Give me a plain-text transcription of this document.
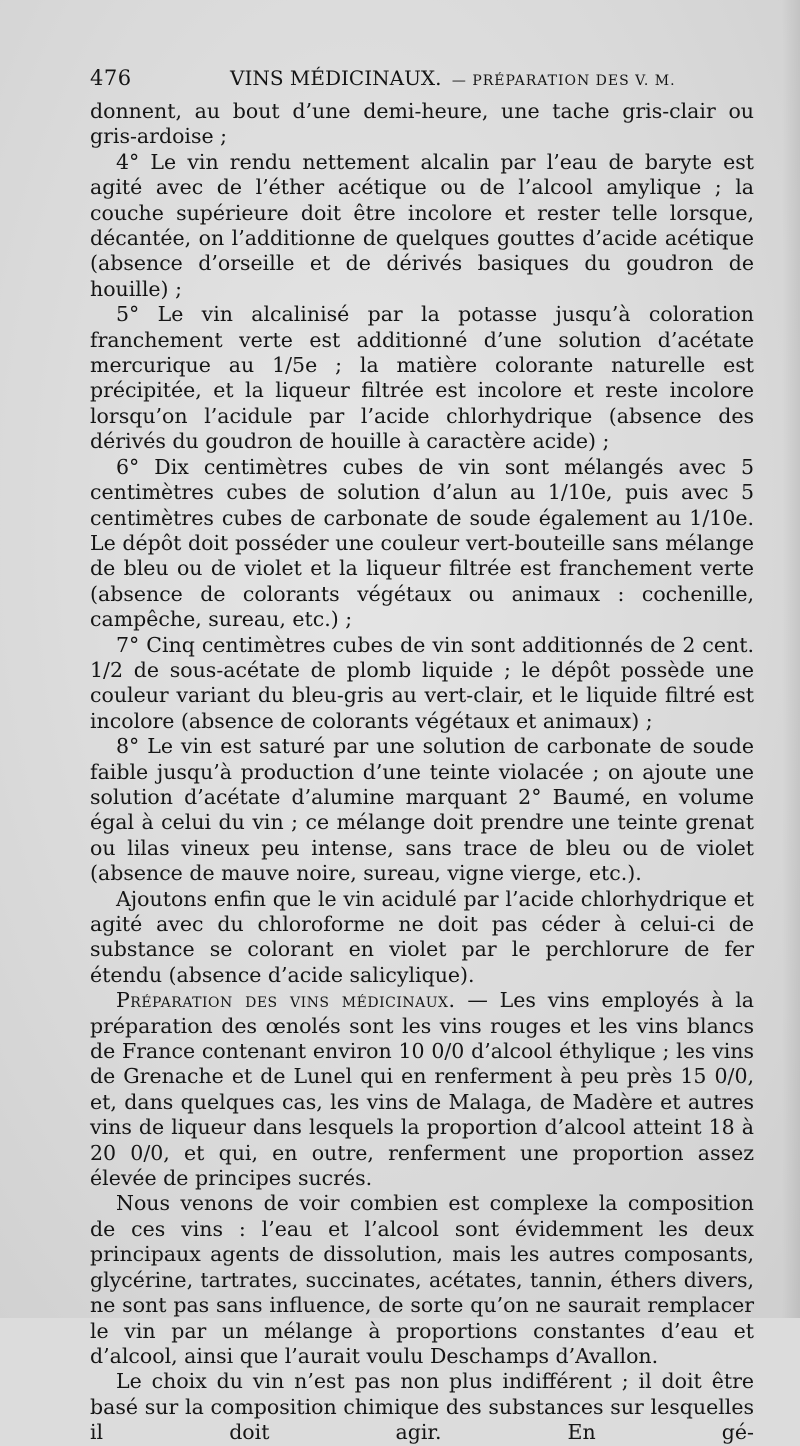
476	VINS MÉDICINAUX. — PRÉPARATION DES V. M.

donnent, au bout d’une demi-heure, une tache gris-clair ou gris-ardoise ;

4° Le vin rendu nettement alcalin par l’eau de baryte est agité avec de l’éther acétique ou de l’alcool amylique ; la couche supérieure doit être incolore et rester telle lorsque, décantée, on l’additionne de quelques gouttes d’acide acétique (absence d’orseille et de dérivés basiques du goudron de houille) ;

5° Le vin alcalinisé par la potasse jusqu’à coloration franchement verte est additionné d’une solution d’acétate mercurique au 1/5e ; la matière colorante naturelle est précipitée, et la liqueur filtrée est incolore et reste incolore lorsqu’on l’acidule par l’acide chlorhydrique (absence des dérivés du goudron de houille à caractère acide) ;

6° Dix centimètres cubes de vin sont mélangés avec 5 centimètres cubes de solution d’alun au 1/10e, puis avec 5 centimètres cubes de carbonate de soude également au 1/10e. Le dépôt doit posséder une couleur vert-bouteille sans mélange de bleu ou de violet et la liqueur filtrée est franchement verte (absence de colorants végétaux ou animaux : cochenille, campêche, sureau, etc.) ;

7° Cinq centimètres cubes de vin sont additionnés de 2 cent. 1/2 de sous-acétate de plomb liquide ; le dépôt possède une couleur variant du bleu-gris au vert-clair, et le liquide filtré est incolore (absence de colorants végétaux et animaux) ;

8° Le vin est saturé par une solution de carbonate de soude faible jusqu’à production d’une teinte violacée ; on ajoute une solution d’acétate d’alumine marquant 2° Baumé, en volume égal à celui du vin ; ce mélange doit prendre une teinte grenat ou lilas vineux peu intense, sans trace de bleu ou de violet (absence de mauve noire, sureau, vigne vierge, etc.).

Ajoutons enfin que le vin acidulé par l’acide chlorhydrique et agité avec du chloroforme ne doit pas céder à celui-ci de substance se colorant en violet par le perchlorure de fer étendu (absence d’acide salicylique).

Préparation des vins médicinaux. — Les vins employés à la préparation des œnolés sont les vins rouges et les vins blancs de France contenant environ 10 0/0 d’alcool éthylique ; les vins de Grenache et de Lunel qui en renferment à peu près 15 0/0, et, dans quelques cas, les vins de Malaga, de Madère et autres vins de liqueur dans lesquels la proportion d’alcool atteint 18 à 20 0/0, et qui, en outre, renferment une proportion assez élevée de principes sucrés.

Nous venons de voir combien est complexe la composition de ces vins : l’eau et l’alcool sont évidemment les deux principaux agents de dissolution, mais les autres composants, glycérine, tartrates, succinates, acétates, tannin, éthers divers, ne sont pas sans influence, de sorte qu’on ne saurait remplacer le vin par un mélange à proportions constantes d’eau et d’alcool, ainsi que l’aurait voulu Deschamps d’Avallon.

Le choix du vin n’est pas non plus indifférent ; il doit être basé sur la composition chimique des substances sur lesquelles il doit agir. En gé-
